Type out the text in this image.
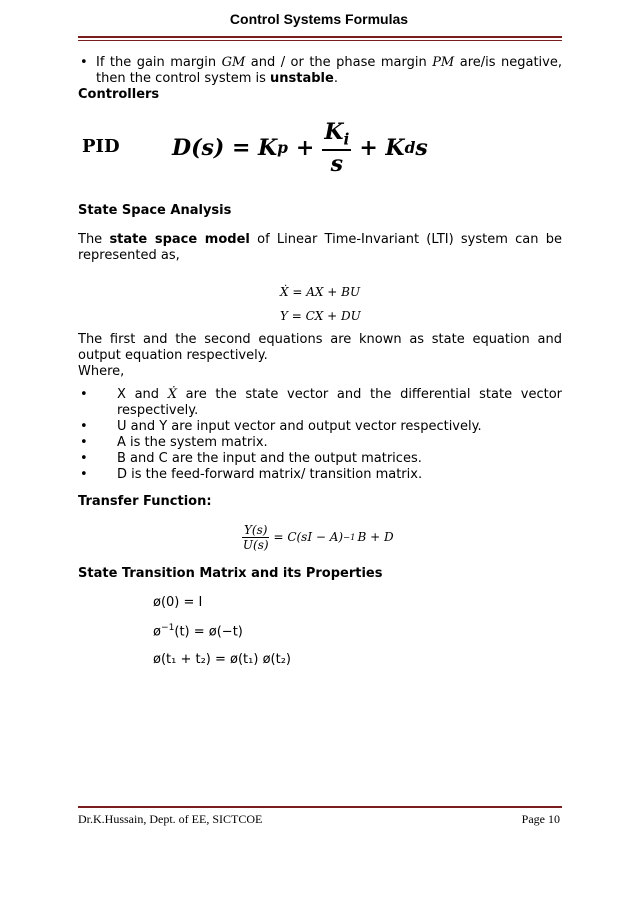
Control Systems Formulas
• If the gain margin GM and / or the phase margin PM are/is negative,
then the control system is unstable.
Controllers
PID D(s) = K $p + \frac{K_i}{s} + K$ d s
State Space Analysis
The state space model of Linear Time-Invariant (LTI) system can be
represented as,
Ẋ = AX + BU
Y = CX + DU
The first and the second equations are known as state equation and
output equation respectively.
Where,
• X and Ẋ are the state vector and the differential state vector
respectively.
• U and Y are input vector and output vector respectively.
• A is the system matrix.
• B and C are the input and the output matrices.
• D is the feed-forward matrix/ transition matrix.
Transfer Function:
$\frac{Y(s)}{U(s)} = C(sI - A) -1$ B + D
State Transition Matrix and its Properties
ø(0) = I
$ø^{-1}(t)$ = ø(−t)
ø(t₁ + t₂) = ø(t₁) ø(t₂)
Dr.K.Hussain, Dept. of EE, SICTCOE	Page 10
